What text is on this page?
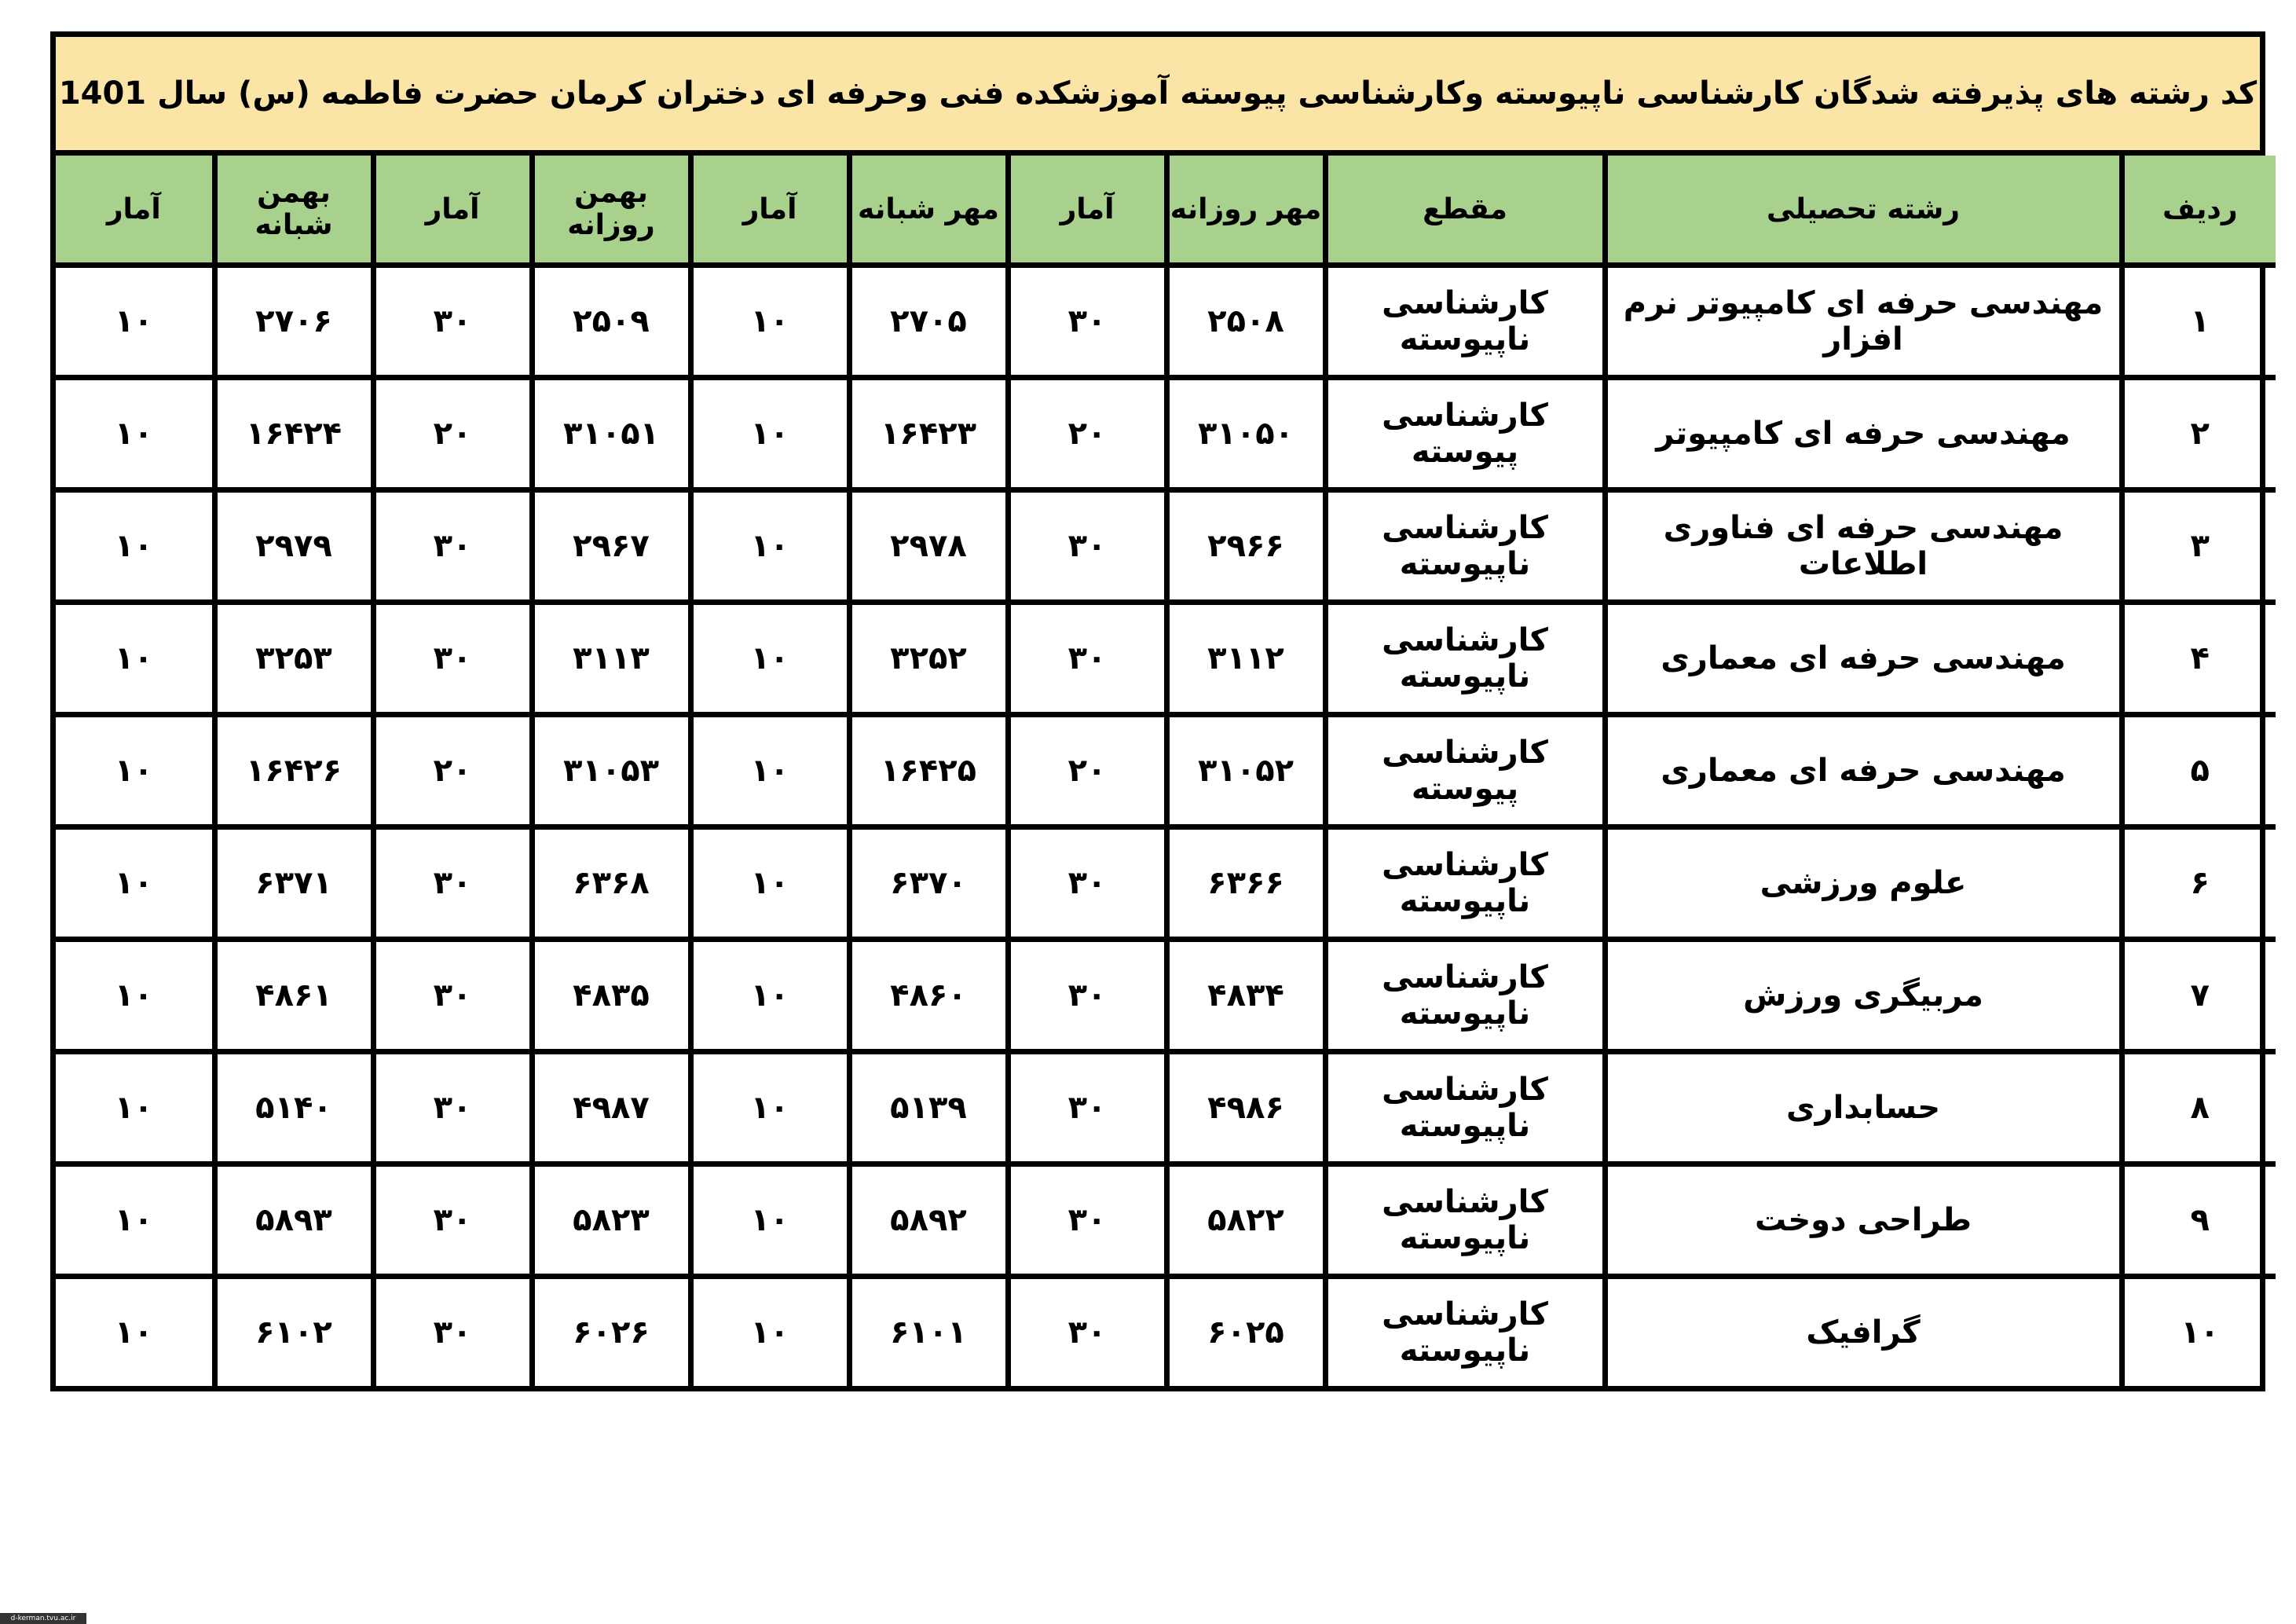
کد رشته های پذیرفته شدگان کارشناسی ناپیوسته وکارشناسی پیوسته آموزشکده فنی وحرفه ای دختران کرمان حضرت فاطمه (س) سال 1401
ردیف	رشته تحصیلی	مقطع	مهر روزانه	آمار	مهر شبانه	آمار	بهمن روزانه	آمار	بهمن شبانه	آمار
۱	مهندسی حرفه ای کامپیوتر نرم افزار	کارشناسی ناپیوسته	۲۵۰۸	۳۰	۲۷۰۵	۱۰	۲۵۰۹	۳۰	۲۷۰۶	۱۰
۲	مهندسی حرفه ای کامپیوتر	کارشناسی پیوسته	۳۱۰۵۰	۲۰	۱۶۴۲۳	۱۰	۳۱۰۵۱	۲۰	۱۶۴۲۴	۱۰
۳	مهندسی حرفه ای فناوری اطلاعات	کارشناسی ناپیوسته	۲۹۶۶	۳۰	۲۹۷۸	۱۰	۲۹۶۷	۳۰	۲۹۷۹	۱۰
۴	مهندسی حرفه ای معماری	کارشناسی ناپیوسته	۳۱۱۲	۳۰	۳۲۵۲	۱۰	۳۱۱۳	۳۰	۳۲۵۳	۱۰
۵	مهندسی حرفه ای معماری	کارشناسی پیوسته	۳۱۰۵۲	۲۰	۱۶۴۲۵	۱۰	۳۱۰۵۳	۲۰	۱۶۴۲۶	۱۰
۶	علوم ورزشی	کارشناسی ناپیوسته	۶۳۶۶	۳۰	۶۳۷۰	۱۰	۶۳۶۸	۳۰	۶۳۷۱	۱۰
۷	مربیگری ورزش	کارشناسی ناپیوسته	۴۸۳۴	۳۰	۴۸۶۰	۱۰	۴۸۳۵	۳۰	۴۸۶۱	۱۰
۸	حسابداری	کارشناسی ناپیوسته	۴۹۸۶	۳۰	۵۱۳۹	۱۰	۴۹۸۷	۳۰	۵۱۴۰	۱۰
۹	طراحی دوخت	کارشناسی ناپیوسته	۵۸۲۲	۳۰	۵۸۹۲	۱۰	۵۸۲۳	۳۰	۵۸۹۳	۱۰
۱۰	گرافیک	کارشناسی ناپیوسته	۶۰۲۵	۳۰	۶۱۰۱	۱۰	۶۰۲۶	۳۰	۶۱۰۲	۱۰
d-kerman.tvu.ac.ir
